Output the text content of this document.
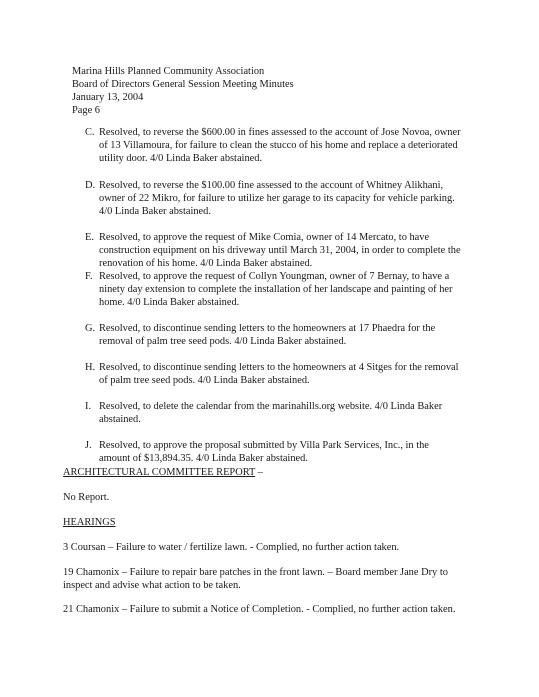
Marina Hills Planned Community Association
Board of Directors General Session Meeting Minutes
January 13, 2004
Page 6
C. Resolved, to reverse the $600.00 in fines assessed to the account of Jose Novoa, owner
of 13 Villamoura, for failure to clean the stucco of his home and replace a deteriorated
utility door. 4/0 Linda Baker abstained.
D. Resolved, to reverse the $100.00 fine assessed to the account of Whitney Alikhani,
owner of 22 Mikro, for failure to utilize her garage to its capacity for vehicle parking.
4/0 Linda Baker abstained.
E. Resolved, to approve the request of Mike Comia, owner of 14 Mercato, to have
construction equipment on his driveway until March 31, 2004, in order to complete the
renovation of his home. 4/0 Linda Baker abstained.
F. Resolved, to approve the request of Collyn Youngman, owner of 7 Bernay, to have a
ninety day extension to complete the installation of her landscape and painting of her
home. 4/0 Linda Baker abstained.
G. Resolved, to discontinue sending letters to the homeowners at 17 Phaedra for the
removal of palm tree seed pods. 4/0 Linda Baker abstained.
H. Resolved, to discontinue sending letters to the homeowners at 4 Sitges for the removal
of palm tree seed pods. 4/0 Linda Baker abstained.
I. Resolved, to delete the calendar from the marinahills.org website. 4/0 Linda Baker
abstained.
J. Resolved, to approve the proposal submitted by Villa Park Services, Inc., in the
amount of $13,894.35. 4/0 Linda Baker abstained.
ARCHITECTURAL COMMITTEE REPORT –
No Report.
HEARINGS
3 Coursan – Failure to water / fertilize lawn. - Complied, no further action taken.
19 Chamonix – Failure to repair bare patches in the front lawn. – Board member Jane Dry to
inspect and advise what action to be taken.
21 Chamonix – Failure to submit a Notice of Completion. - Complied, no further action taken.
